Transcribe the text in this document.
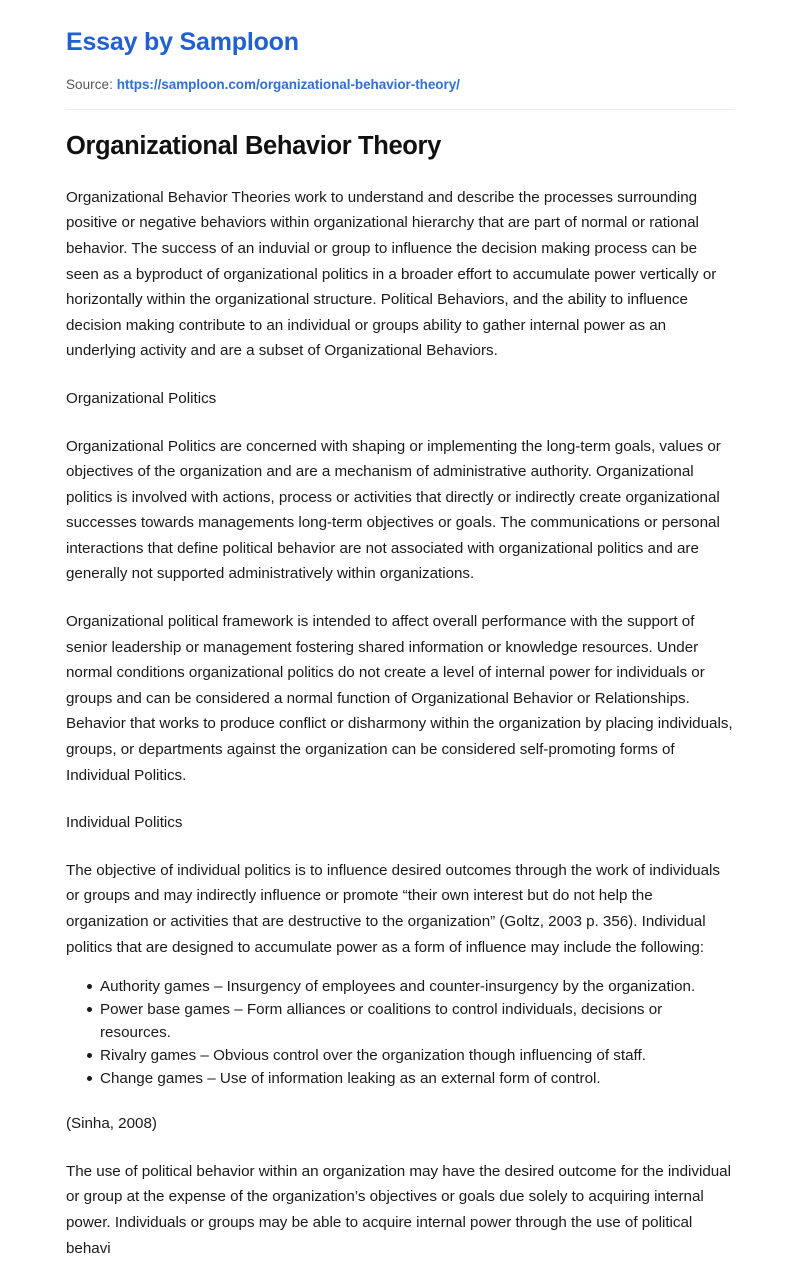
Essay by Samploon

Source: https://samploon.com/organizational-behavior-theory/

Organizational Behavior Theory

Organizational Behavior Theories work to understand and describe the processes surrounding positive or negative behaviors within organizational hierarchy that are part of normal or rational behavior. The success of an induvial or group to influence the decision making process can be seen as a byproduct of organizational politics in a broader effort to accumulate power vertically or horizontally within the organizational structure. Political Behaviors, and the ability to influence decision making contribute to an individual or groups ability to gather internal power as an underlying activity and are a subset of Organizational Behaviors.

Organizational Politics

Organizational Politics are concerned with shaping or implementing the long-term goals, values or objectives of the organization and are a mechanism of administrative authority. Organizational politics is involved with actions, process or activities that directly or indirectly create organizational successes towards managements long-term objectives or goals. The communications or personal interactions that define political behavior are not associated with organizational politics and are generally not supported administratively within organizations.

Organizational political framework is intended to affect overall performance with the support of senior leadership or management fostering shared information or knowledge resources. Under normal conditions organizational politics do not create a level of internal power for individuals or groups and can be considered a normal function of Organizational Behavior or Relationships. Behavior that works to produce conflict or disharmony within the organization by placing individuals, groups, or departments against the organization can be considered self-promoting forms of Individual Politics.

Individual Politics

The objective of individual politics is to influence desired outcomes through the work of individuals or groups and may indirectly influence or promote “their own interest but do not help the organization or activities that are destructive to the organization” (Goltz, 2003 p. 356). Individual politics that are designed to accumulate power as a form of influence may include the following:

Authority games – Insurgency of employees and counter-insurgency by the organization.
Power base games – Form alliances or coalitions to control individuals, decisions or resources.
Rivalry games – Obvious control over the organization though influencing of staff.
Change games – Use of information leaking as an external form of control.

(Sinha, 2008)

The use of political behavior within an organization may have the desired outcome for the individual or group at the expense of the organization’s objectives or goals due solely to acquiring internal power. Individuals or groups may be able to acquire internal power through the use of political behavi
